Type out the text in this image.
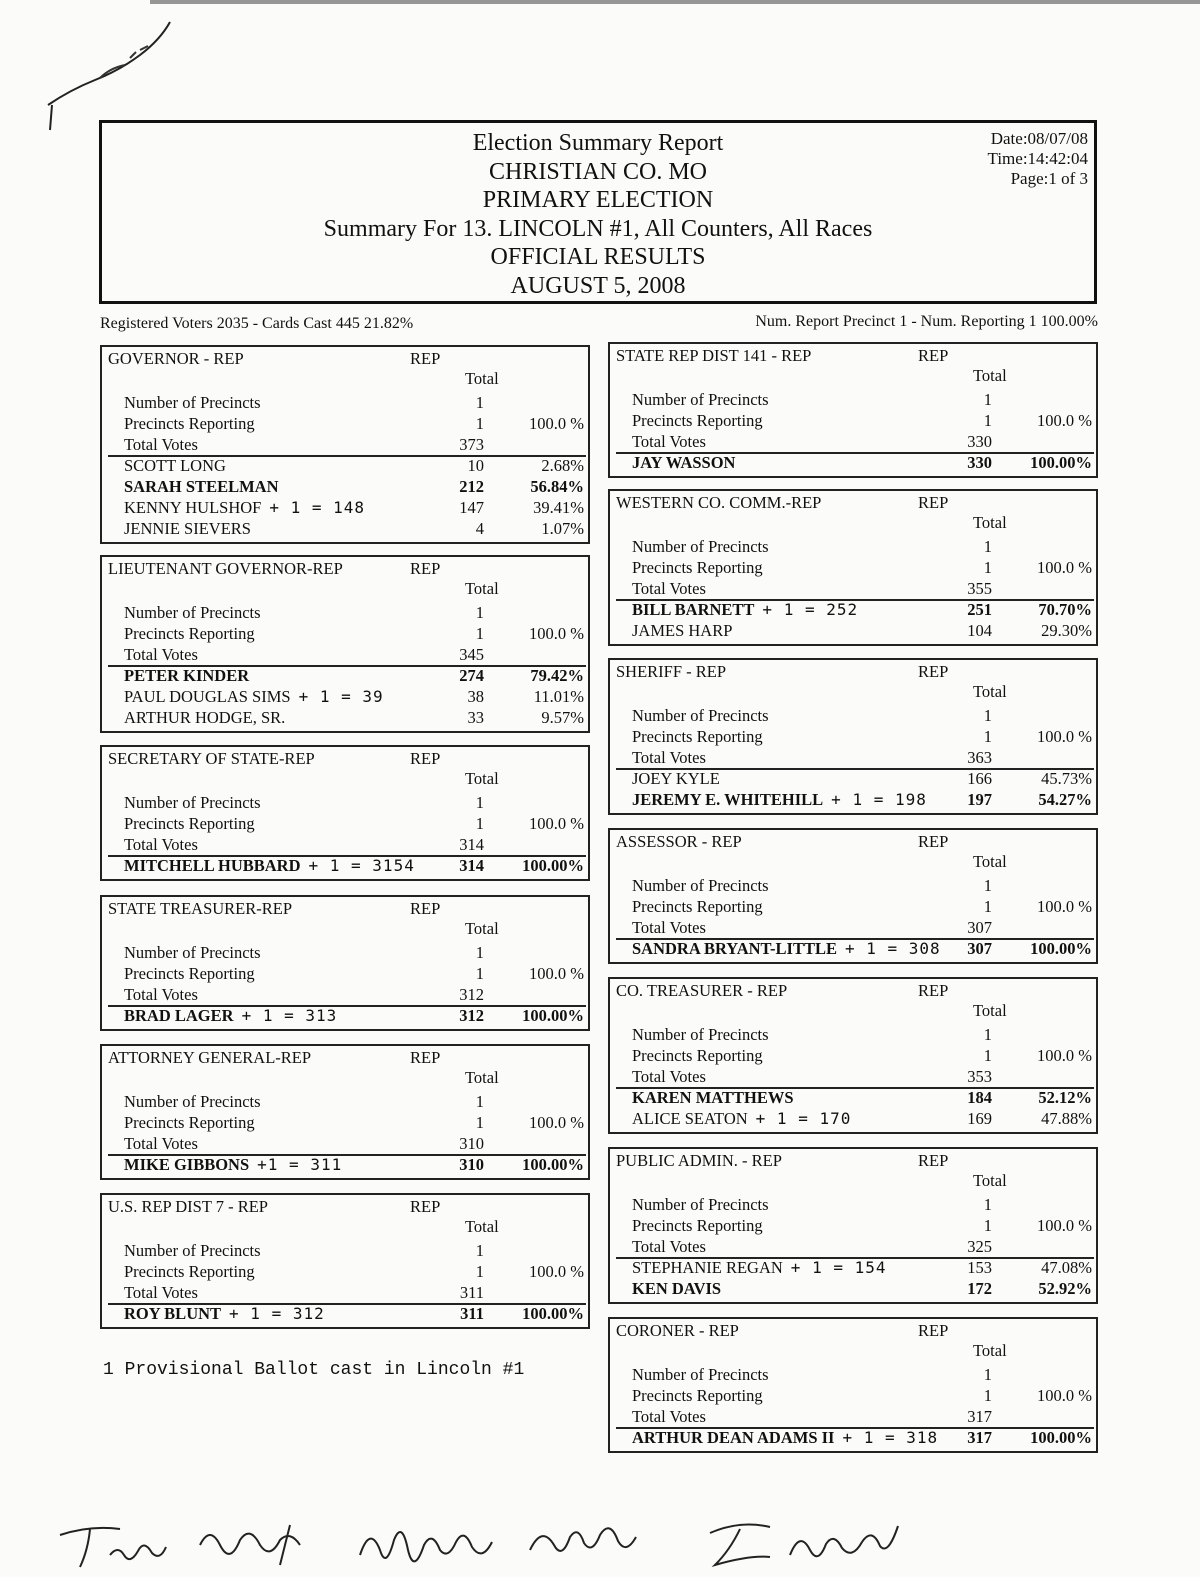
Election Summary Report
CHRISTIAN CO. MO
PRIMARY ELECTION
Summary For 13. LINCOLN #1, All Counters, All Races
OFFICIAL RESULTS
AUGUST 5, 2008
Date:08/07/08
Time:14:42:04
Page:1 of 3
Registered Voters 2035 - Cards Cast 445 21.82%	Num. Report Precinct 1 - Num. Reporting 1 100.00%
GOVERNOR - REP	REP
Total
Number of Precincts	1
Precincts Reporting	1	100.0 %
Total Votes	373
SCOTT LONG	10	2.68%
SARAH STEELMAN	212	56.84%
KENNY HULSHOF + 1 = 148	147	39.41%
JENNIE SIEVERS	4	1.07%
LIEUTENANT GOVERNOR-REP	REP
Total
Number of Precincts	1
Precincts Reporting	1	100.0 %
Total Votes	345
PETER KINDER	274	79.42%
PAUL DOUGLAS SIMS + 1 = 39	38	11.01%
ARTHUR HODGE, SR.	33	9.57%
SECRETARY OF STATE-REP	REP
Total
Number of Precincts	1
Precincts Reporting	1	100.0 %
Total Votes	314
MITCHELL HUBBARD + 1 = 3154	314 100.00%
STATE TREASURER-REP	REP
Total
Number of Precincts	1
Precincts Reporting	1	100.0 %
Total Votes	312
BRAD LAGER + 1 = 313	312 100.00%
ATTORNEY GENERAL-REP	REP
Total
Number of Precincts	1
Precincts Reporting	1	100.0 %
Total Votes	310
MIKE GIBBONS +1 = 311	310 100.00%
U.S. REP DIST 7 - REP	REP
Total
Number of Precincts	1
Precincts Reporting	1	100.0 %
Total Votes	311
ROY BLUNT + 1 = 312	311 100.00%
STATE REP DIST 141 - REP	REP
Total
Number of Precincts	1
Precincts Reporting	1	100.0 %
Total Votes	330
JAY WASSON	330 100.00%
WESTERN CO. COMM.-REP	REP
Total
Number of Precincts	1
Precincts Reporting	1	100.0 %
Total Votes	355
BILL BARNETT + 1 = 252	251	70.70%
JAMES HARP	104	29.30%
SHERIFF - REP	REP
Total
Number of Precincts	1
Precincts Reporting	1	100.0 %
Total Votes	363
JOEY KYLE	166	45.73%
JEREMY E. WHITEHILL + 1 = 198 197	54.27%
ASSESSOR - REP	REP
Total
Number of Precincts	1
Precincts Reporting	1	100.0 %
Total Votes	307
SANDRA BRYANT-LITTLE + 1 = 308 307 100.00%
CO. TREASURER - REP	REP
Total
Number of Precincts	1
Precincts Reporting	1	100.0 %
Total Votes	353
KAREN MATTHEWS	184	52.12%
ALICE SEATON + 1 = 170	169	47.88%
PUBLIC ADMIN. - REP	REP
Total
Number of Precincts	1
Precincts Reporting	1	100.0 %
Total Votes	325
STEPHANIE REGAN + 1 = 154	153	47.08%
KEN DAVIS	172	52.92%
CORONER - REP	REP
Total
Number of Precincts	1
Precincts Reporting	1	100.0 %
Total Votes	317
ARTHUR DEAN ADAMS II + 1 = 318 317 100.00%
1 Provisional Ballot cast in Lincoln #1
